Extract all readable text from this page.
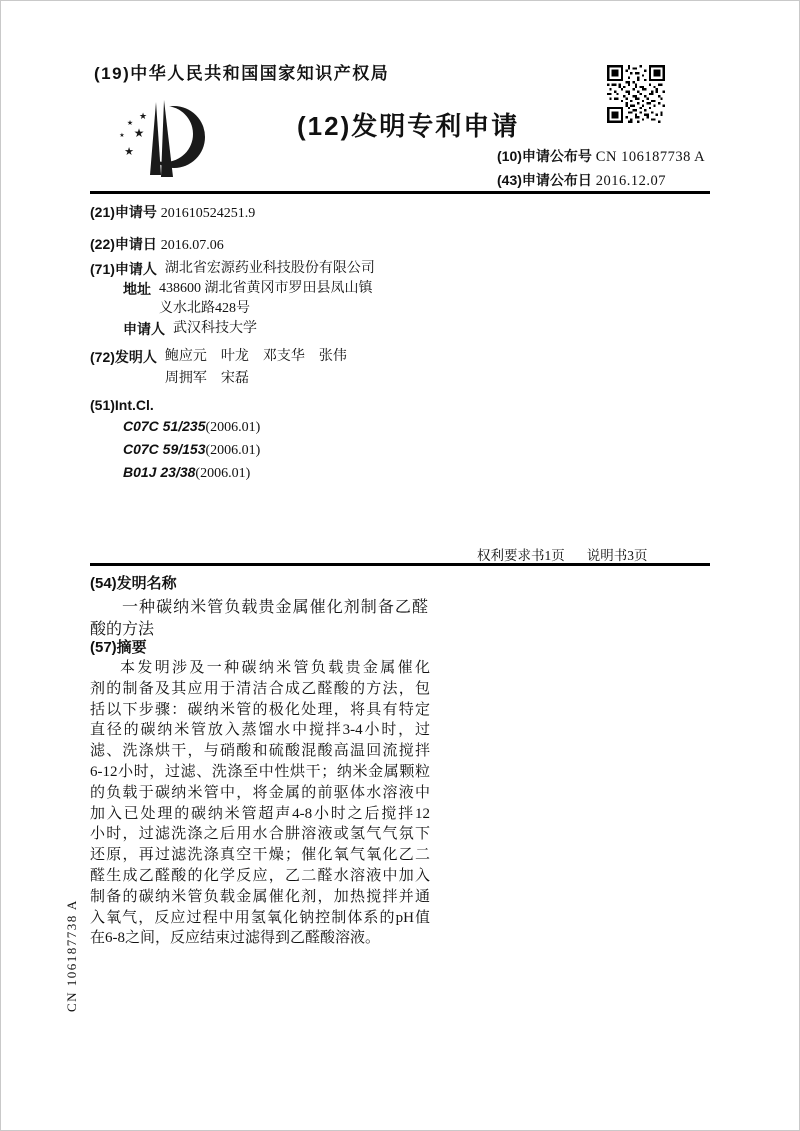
(19)中华人民共和国国家知识产权局
★
★
★
★
★
(12)发明专利申请
(10)申请公布号 CN 106187738 A
(43)申请公布日 2016.12.07
(21)申请号 201610524251.9
(22)申请日 2016.07.06
(71)申请人 湖北省宏源药业科技股份有限公司
地址 438600 湖北省黄冈市罗田县凤山镇
义水北路428号
申请人 武汉科技大学
(72)发明人 鲍应元　叶龙　邓支华　张伟
周拥军　宋磊
(51)Int.Cl.
C07C 51/235(2006.01)
C07C 59/153(2006.01)
B01J 23/38(2006.01)
权利要求书1页 说明书3页
(54)发明名称
一种碳纳米管负载贵金属催化剂制备乙醛
酸的方法
(57)摘要
本发明涉及一种碳纳米管负载贵金属催化
剂的制备及其应用于清洁合成乙醛酸的方法，包
括以下步骤：碳纳米管的极化处理，将具有特定
直径的碳纳米管放入蒸馏水中搅拌3-4小时，过
滤、洗涤烘干，与硝酸和硫酸混酸高温回流搅拌
6-12小时，过滤、洗涤至中性烘干；纳米金属颗粒
的负载于碳纳米管中，将金属的前驱体水溶液中
加入已处理的碳纳米管超声4-8小时之后搅拌12
小时，过滤洗涤之后用水合肼溶液或氢气气氛下
还原，再过滤洗涤真空干燥；催化氧气氧化乙二
醛生成乙醛酸的化学反应，乙二醛水溶液中加入
制备的碳纳米管负载金属催化剂，加热搅拌并通
入氧气，反应过程中用氢氧化钠控制体系的pH值
在6-8之间，反应结束过滤得到乙醛酸溶液。
CN 106187738 A
